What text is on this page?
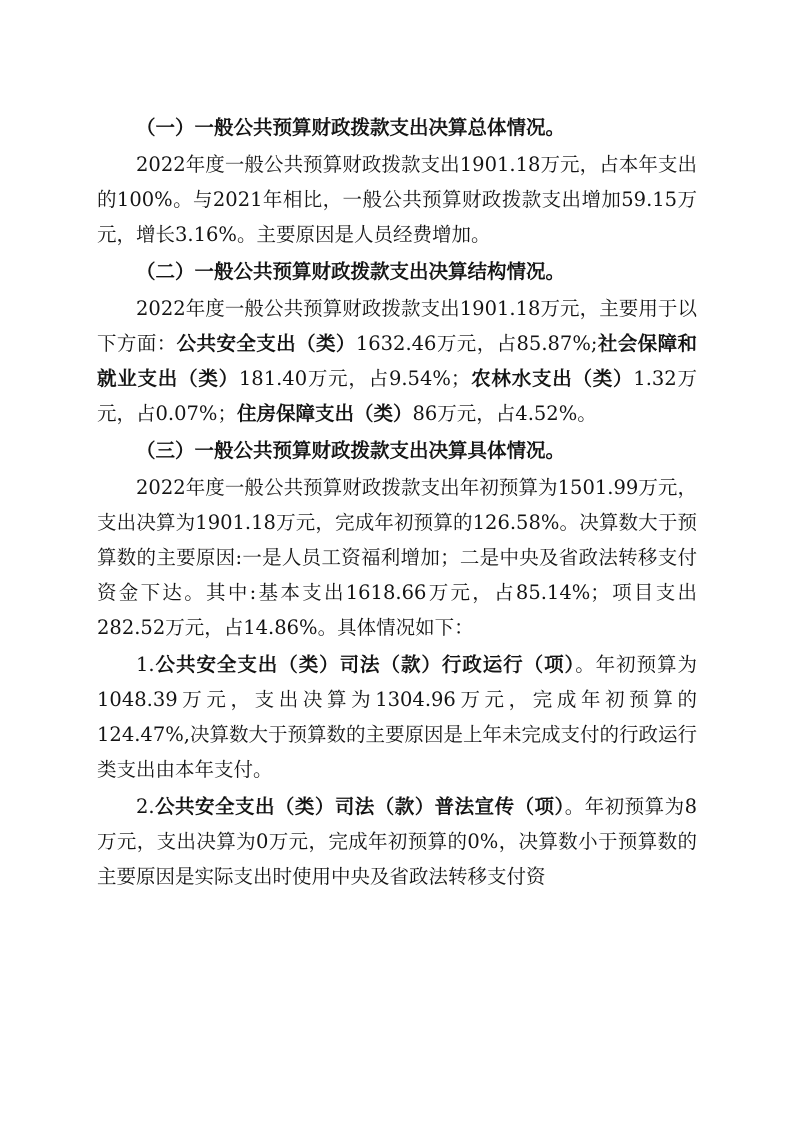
（一）一般公共预算财政拨款支出决算总体情况。

2022年度一般公共预算财政拨款支出1901.18万元，占本年支出的100%。与2021年相比，一般公共预算财政拨款支出增加59.15万元，增长3.16%。主要原因是人员经费增加。

（二）一般公共预算财政拨款支出决算结构情况。

2022年度一般公共预算财政拨款支出1901.18万元，主要用于以下方面：公共安全支出（类）1632.46万元，占85.87%;社会保障和就业支出（类）181.40万元，占9.54%；农林水支出（类）1.32万元，占0.07%；住房保障支出（类）86万元，占4.52%。

（三）一般公共预算财政拨款支出决算具体情况。

2022年度一般公共预算财政拨款支出年初预算为1501.99万元，支出决算为1901.18万元，完成年初预算的126.58%。决算数大于预算数的主要原因:一是人员工资福利增加；二是中央及省政法转移支付资金下达。其中:基本支出1618.66万元，占85.14%；项目支出282.52万元，占14.86%。具体情况如下：

1.公共安全支出（类）司法（款）行政运行（项）。年初预算为1048.39万元，支出决算为1304.96万元，完成年初预算的124.47%,决算数大于预算数的主要原因是上年未完成支付的行政运行类支出由本年支付。

2.公共安全支出（类）司法（款）普法宣传（项）。年初预算为8万元，支出决算为0万元，完成年初预算的0%，决算数小于预算数的主要原因是实际支出时使用中央及省政法转移支付资
